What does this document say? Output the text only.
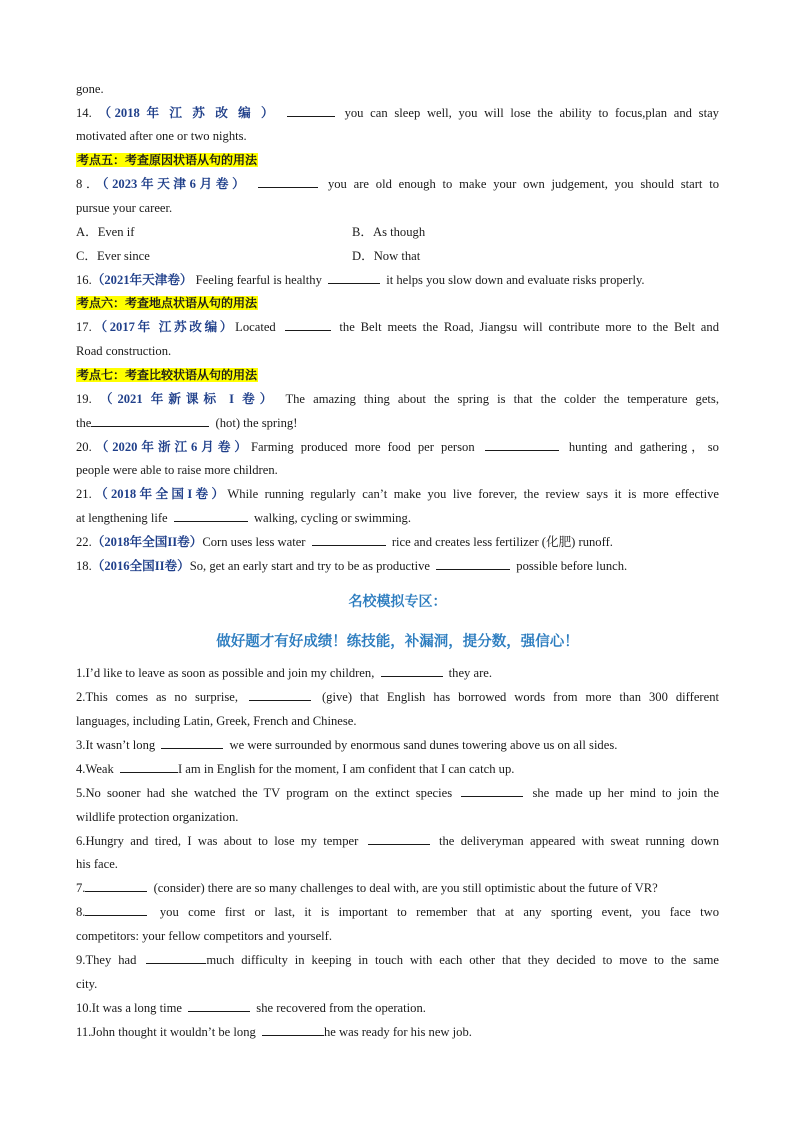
gone.
14. （2018 年 江 苏 改 编 ）	you can sleep well, you will lose the ability to focus,plan and stay
motivated after one or two nights.
考点五：考查原因状语从句的用法
8．（2023年天津6月卷）	you are old enough to make your own judgement, you should start to
pursue your career.
A．Even if	B．As though
C．Ever since	D．Now that
16.（2021年天津卷） Feeling fearful is healthy	it helps you slow down and evaluate risks properly.
考点六：考查地点状语从句的用法
17.（2017年 江苏改编）Located	the Belt meets the Road, Jiangsu will contribute more to the Belt and
Road construction.
考点七：考查比较状语从句的用法
19. （2021 年新课标 I 卷） The amazing thing about the spring is that the colder the temperature gets,
the	(hot) the spring!
20.（2020年浙江6月卷）Farming produced more food per person	hunting and gathering，so
people were able to raise more children.
21.（2018年全国I卷）While running regularly can’t make you live forever, the review says it is more effective
at lengthening life	walking, cycling or swimming.
22.（2018年全国II卷）Corn uses less water	rice and creates less fertilizer (化肥) runoff.
18.（2016全国II卷）So, get an early start and try to be as productive	possible before lunch.
名校模拟专区：
做好题才有好成绩！练技能，补漏洞，提分数，强信心！
1.I’d like to leave as soon as possible and join my children,	they are.
2.This comes as no surprise,	(give) that English has borrowed words from more than 300 different
languages, including Latin, Greek, French and Chinese.
3.It wasn’t long	we were surrounded by enormous sand dunes towering above us on all sides.
4.Weak	I am in English for the moment, I am confident that I can catch up.
5.No sooner had she watched the TV program on the extinct species	she made up her mind to join the
wildlife protection organization.
6.Hungry and tired, I was about to lose my temper	the deliveryman appeared with sweat running down
his face.
7.	(consider) there are so many challenges to deal with, are you still optimistic about the future of VR?
8.	you come first or last, it is important to remember that at any sporting event, you face two
competitors: your fellow competitors and yourself.
9.They had	much difficulty in keeping in touch with each other that they decided to move to the same
city.
10.It was a long time	she recovered from the operation.
11.John thought it wouldn’t be long	he was ready for his new job.
